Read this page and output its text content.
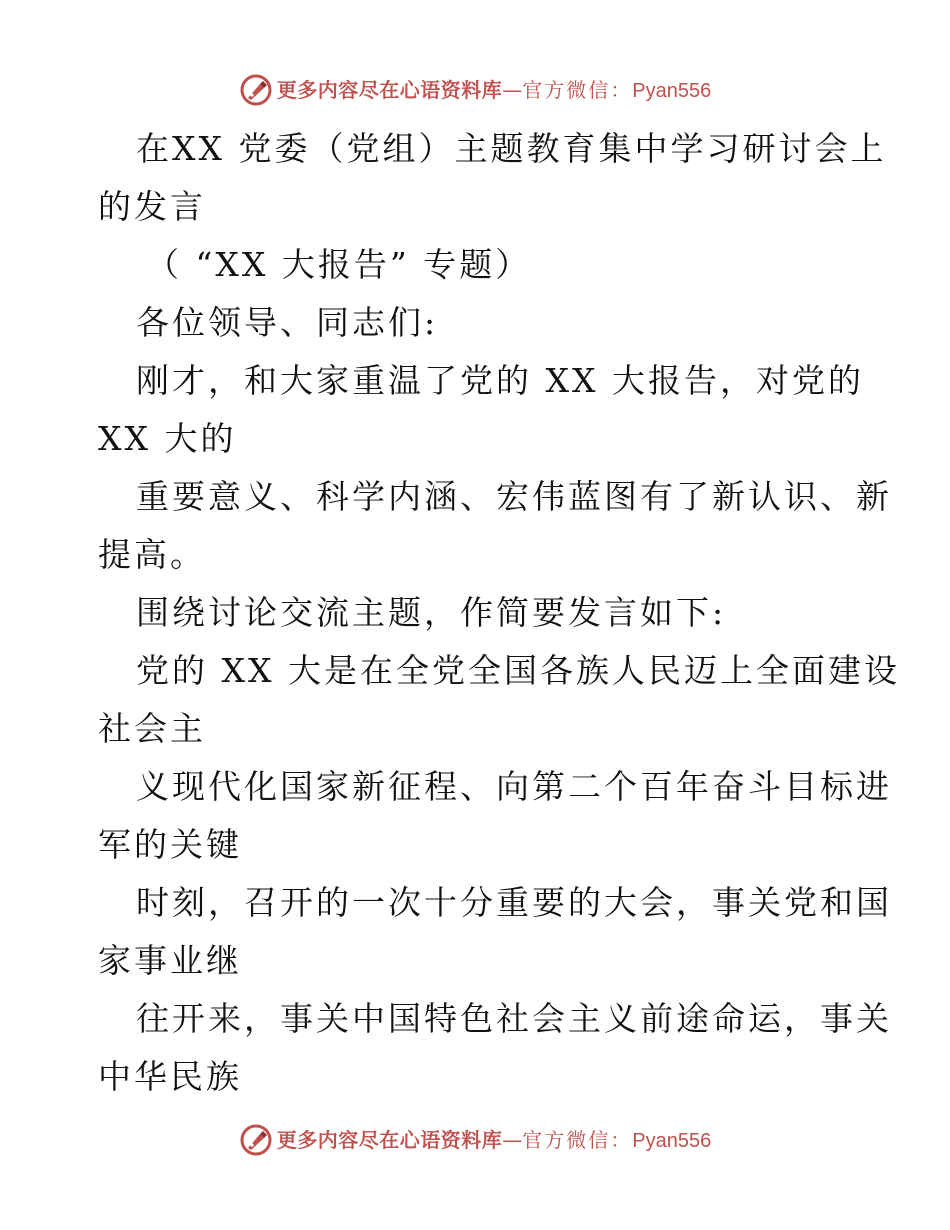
更多内容尽在心语资料库—官方微信：Pyan556
在XX 党委（党组）主题教育集中学习研讨会上
的发言
（ “XX 大报告” 专题）
各位领导、同志们:
刚才，和大家重温了党的 XX 大报告，对党的
XX 大的
重要意义、科学内涵、宏伟蓝图有了新认识、新
提高。
围绕讨论交流主题，作简要发言如下:
党的 XX 大是在全党全国各族人民迈上全面建设
社会主
义现代化国家新征程、向第二个百年奋斗目标进
军的关键
时刻，召开的一次十分重要的大会，事关党和国
家事业继
往开来，事关中国特色社会主义前途命运，事关
中华民族
更多内容尽在心语资料库—官方微信：Pyan556
